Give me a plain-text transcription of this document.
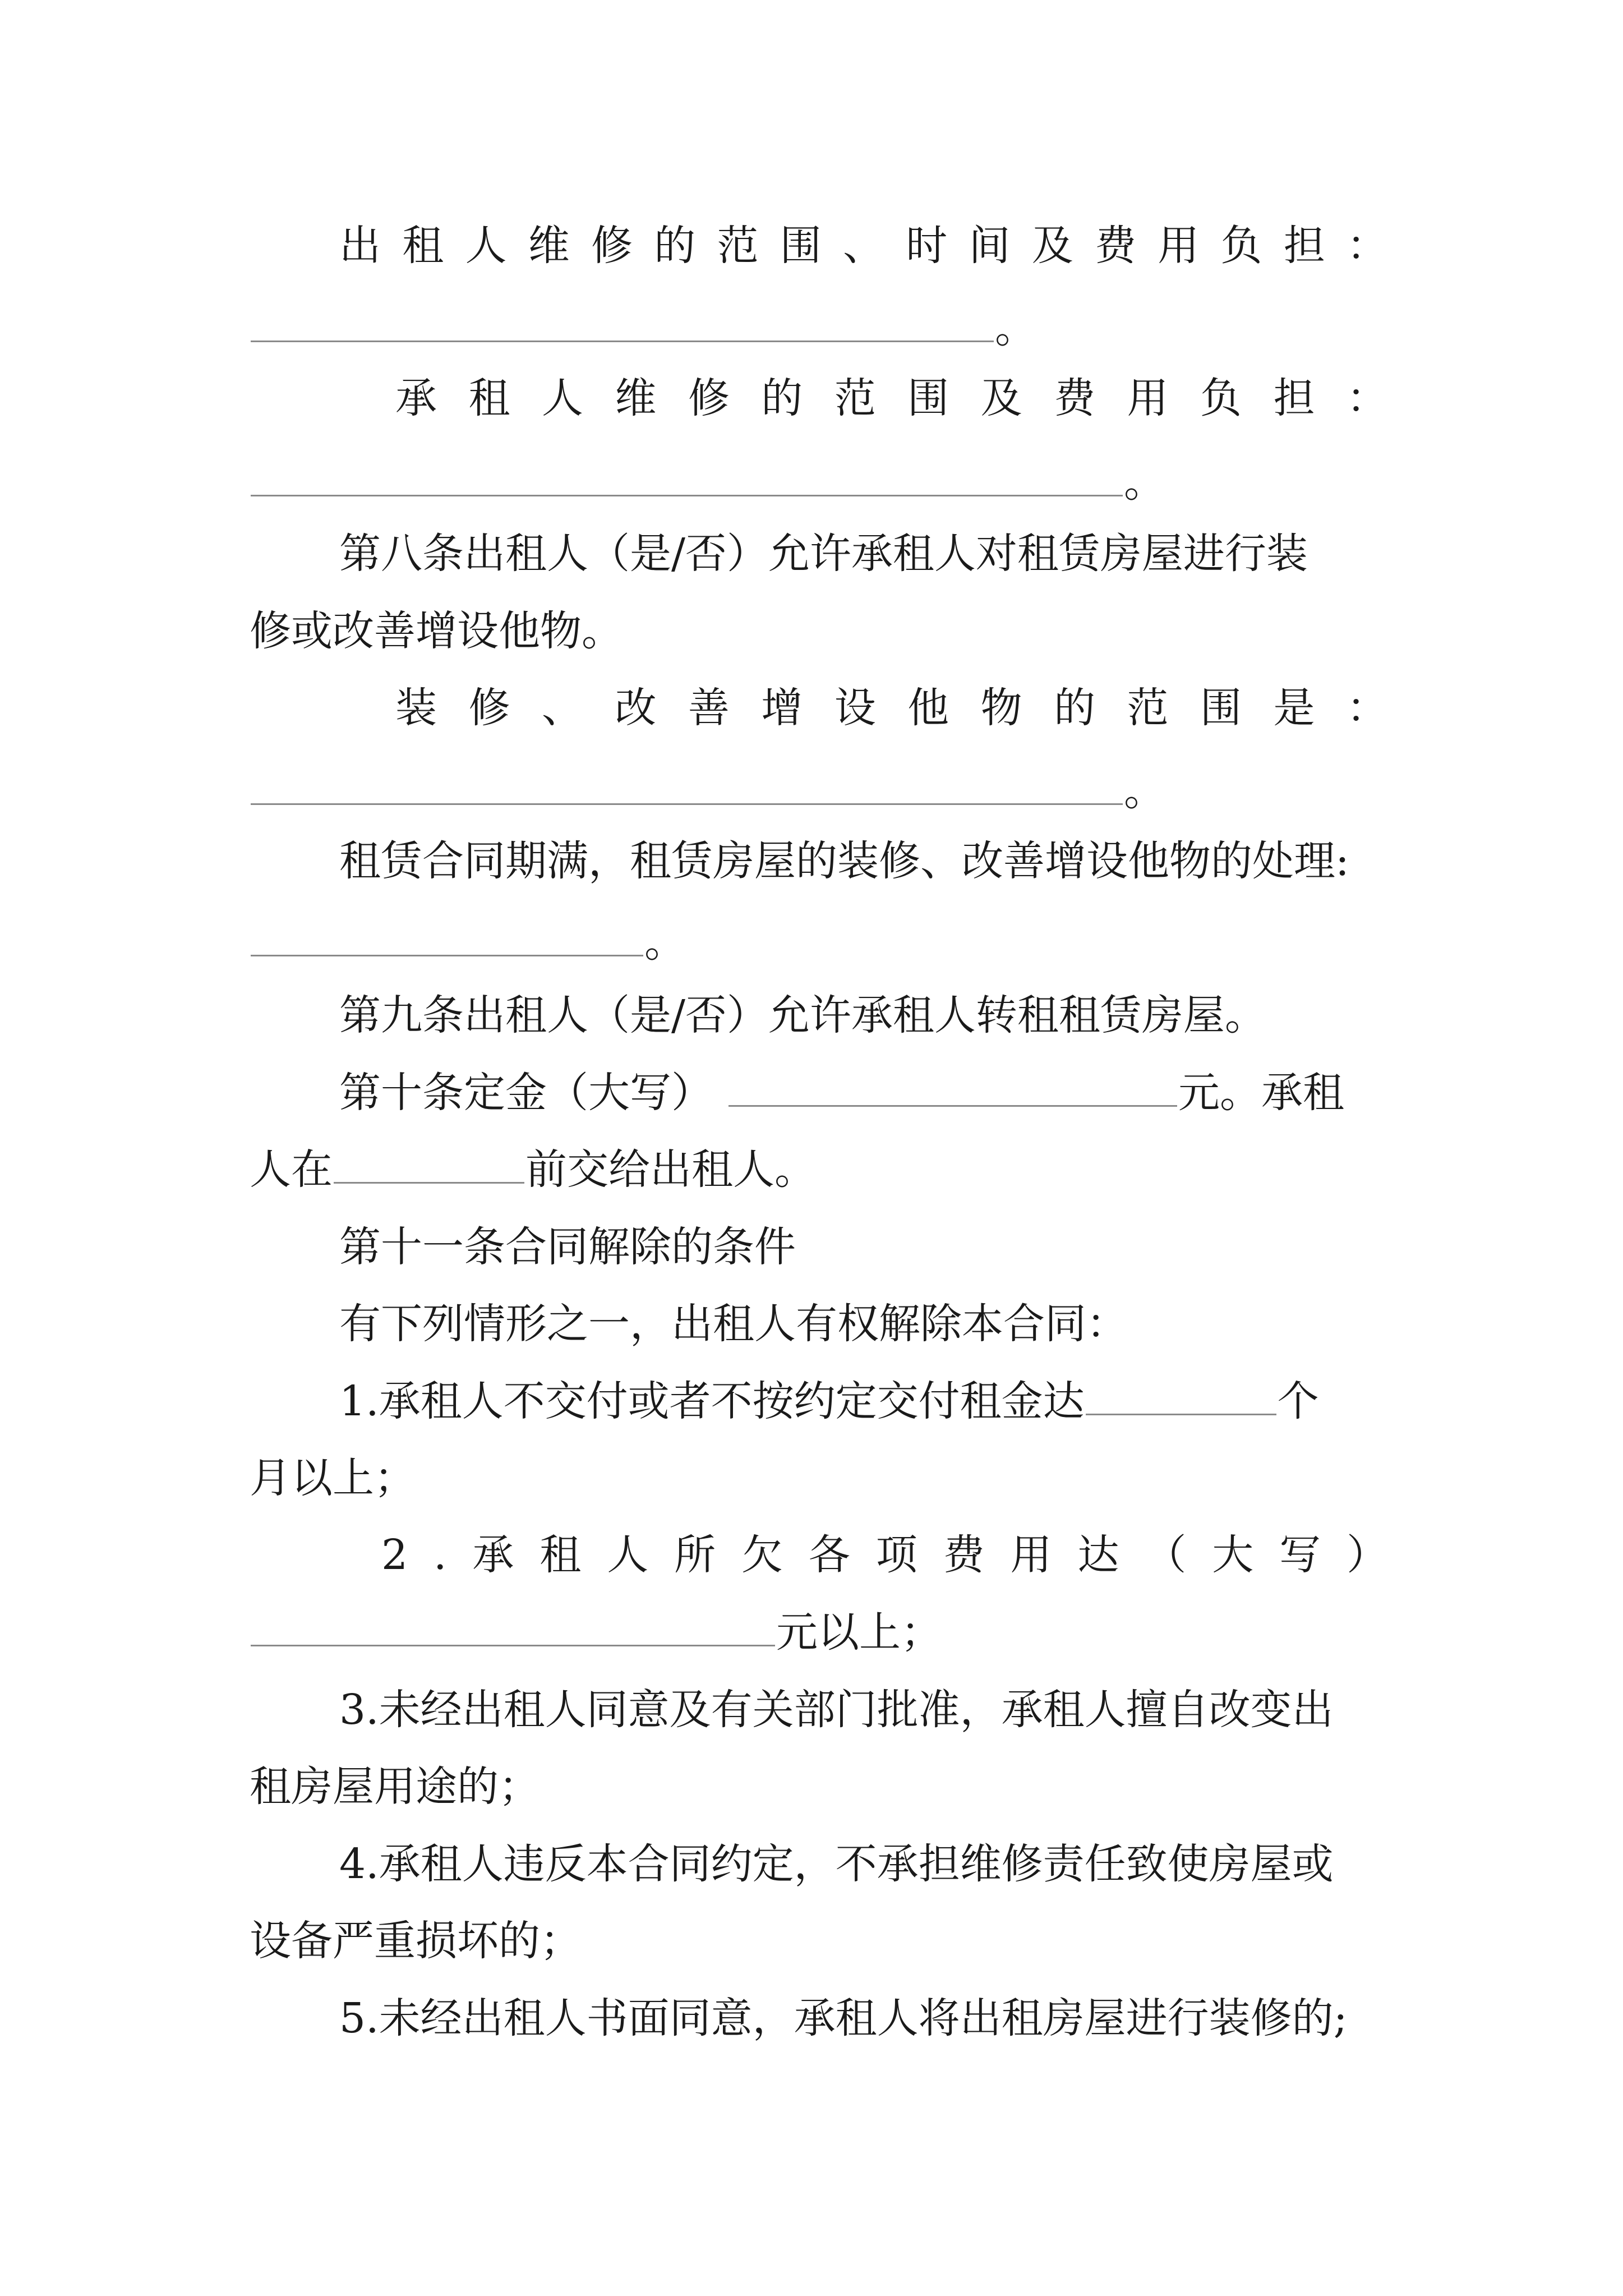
出 租 人 维 修 的 范 围 、 时 间 及 费 用 负 担 ：
。
承 租 人 维 修 的 范 围 及 费 用 负 担 ：
。
第八条出租人（是/否）允许承租人对租赁房屋进行装
修或改善增设他物。
装 修 、 改 善 增 设 他 物 的 范 围 是 ：
。
租赁合同期满，租赁房屋的装修、改善增设他物的处理:
。
第九条出租人（是/否）允许承租人转租租赁房屋。
第十条定金（大写）	元。承租
人在	前交给出租人。
第十一条合同解除的条件
有下列情形之一，出租人有权解除本合同：
1.承租人不交付或者不按约定交付租金达	个
月以上；
2 . 承 租 人 所 欠 各 项 费 用 达 （ 大 写 ）
元以上；
3.未经出租人同意及有关部门批准，承租人擅自改变出
租房屋用途的；
4.承租人违反本合同约定，不承担维修责任致使房屋或
设备严重损坏的；
5.未经出租人书面同意，承租人将出租房屋进行装修的;
